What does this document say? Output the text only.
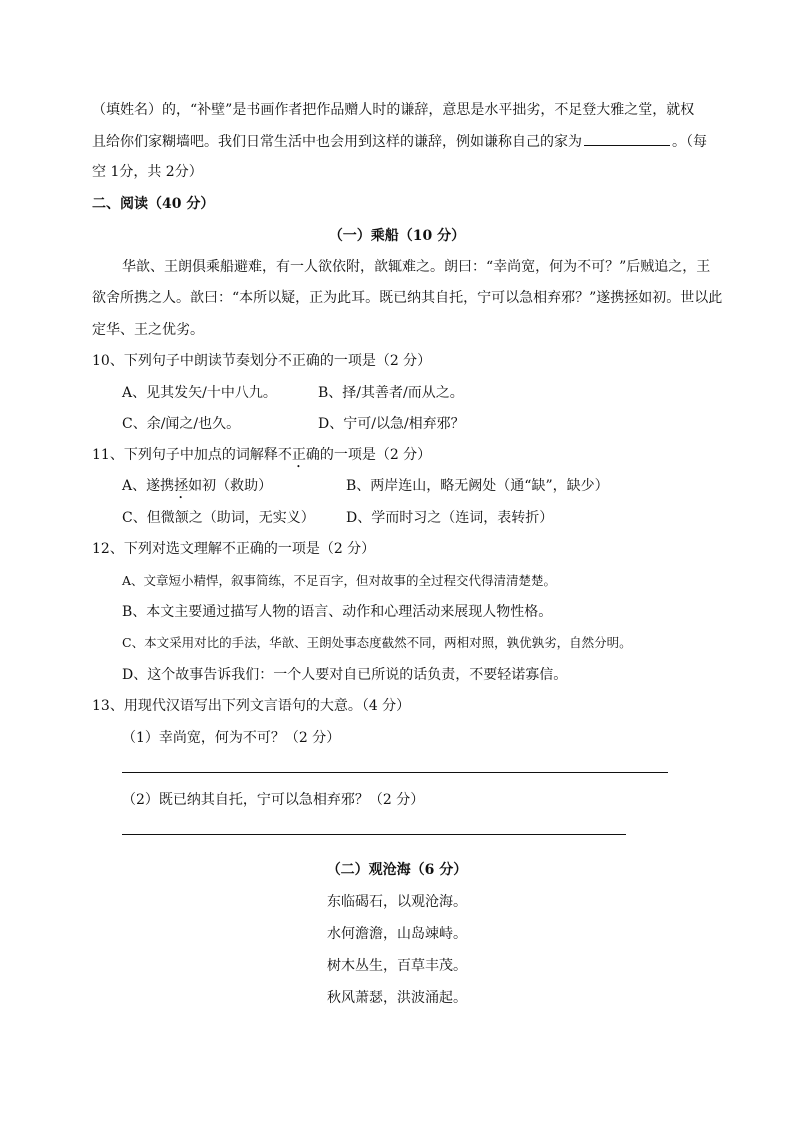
（填姓名）的，“补壁”是书画作者把作品赠人时的谦辞，意思是水平拙劣，不足登大雅之堂，就权
且给你们家糊墙吧。我们日常生活中也会用到这样的谦辞，例如谦称自己的家为	。（每
空 1分，共 2分）
二、阅读（40 分）
（一）乘船（10 分）
华歆、王朗俱乘船避难，有一人欲依附，歆辄难之。朗曰：“幸尚宽，何为不可？”后贼追之，王
欲舍所携之人。歆曰：“本所以疑，正为此耳。既已纳其自托，宁可以急相弃邪？”遂携拯如初。世以此
定华、王之优劣。
10、下列句子中朗读节奏划分不正确的一项是（2 分）
A、见其发矢/十中八九。	B、择/其善者/而从之。
C、余/闻之/也久。	D、宁可/以急/相弃邪？
11、下列句子中加点的词解释不正确的一项是（2 分）
A、遂携拯如初（救助）	B、两岸连山，略无阙处（通“缺”，缺少）
C、但微颔之（助词，无实义） D、学而时习之（连词，表转折）
12、下列对选文理解不正确的一项是（2 分）
A、文章短小精悍，叙事简练，不足百字，但对故事的全过程交代得清清楚楚。
B、本文主要通过描写人物的语言、动作和心理活动来展现人物性格。
C、本文采用对比的手法，华歆、王朗处事态度截然不同，两相对照，孰优孰劣，自然分明。
D、这个故事告诉我们：一个人要对自已所说的话负责，不要轻诺寡信。
13、用现代汉语写出下列文言语句的大意。（4 分）
（1）幸尚宽，何为不可？（2 分）
（2）既已纳其自托，宁可以急相弃邪？（2 分）
（二）观沧海（6 分）
东临碣石，以观沧海。
水何澹澹，山岛竦峙。
树木丛生，百草丰茂。
秋风萧瑟，洪波涌起。
